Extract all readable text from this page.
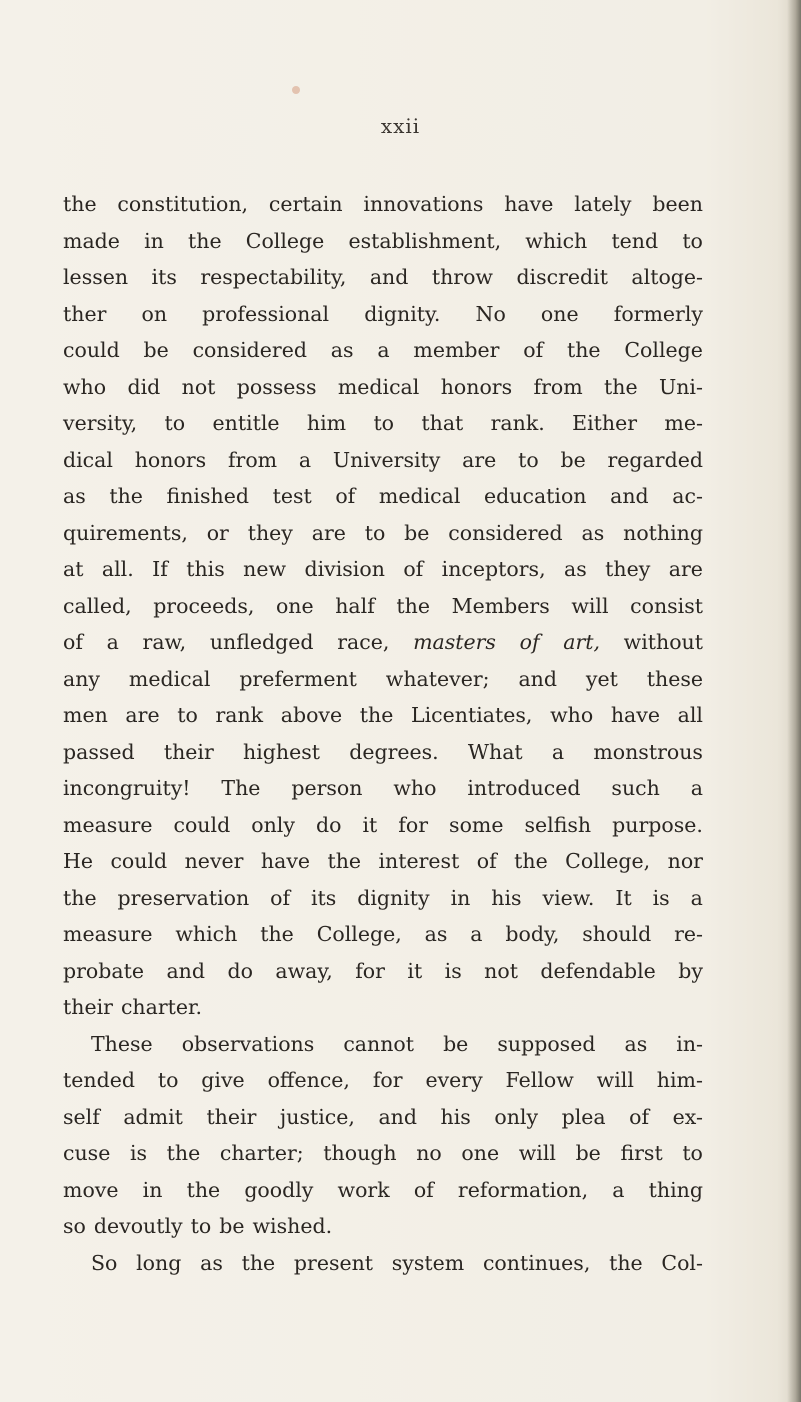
xxii
the constitution, certain innovations have lately been
made in the College establishment, which tend to
lessen its respectability, and throw discredit altoge-
ther on professional dignity. No one formerly
could be considered as a member of the College
who did not possess medical honors from the Uni-
versity, to entitle him to that rank. Either me-
dical honors from a University are to be regarded
as the finished test of medical education and ac-
quirements, or they are to be considered as nothing
at all. If this new division of inceptors, as they are
called, proceeds, one half the Members will consist
of a raw, unfledged race, masters of art, without
any medical preferment whatever; and yet these
men are to rank above the Licentiates, who have all
passed their highest degrees. What a monstrous
incongruity! The person who introduced such a
measure could only do it for some selfish purpose.
He could never have the interest of the College, nor
the preservation of its dignity in his view. It is a
measure which the College, as a body, should re-
probate and do away, for it is not defendable by
their charter.
These observations cannot be supposed as in-
tended to give offence, for every Fellow will him-
self admit their justice, and his only plea of ex-
cuse is the charter; though no one will be first to
move in the goodly work of reformation, a thing
so devoutly to be wished.
So long as the present system continues, the Col-
